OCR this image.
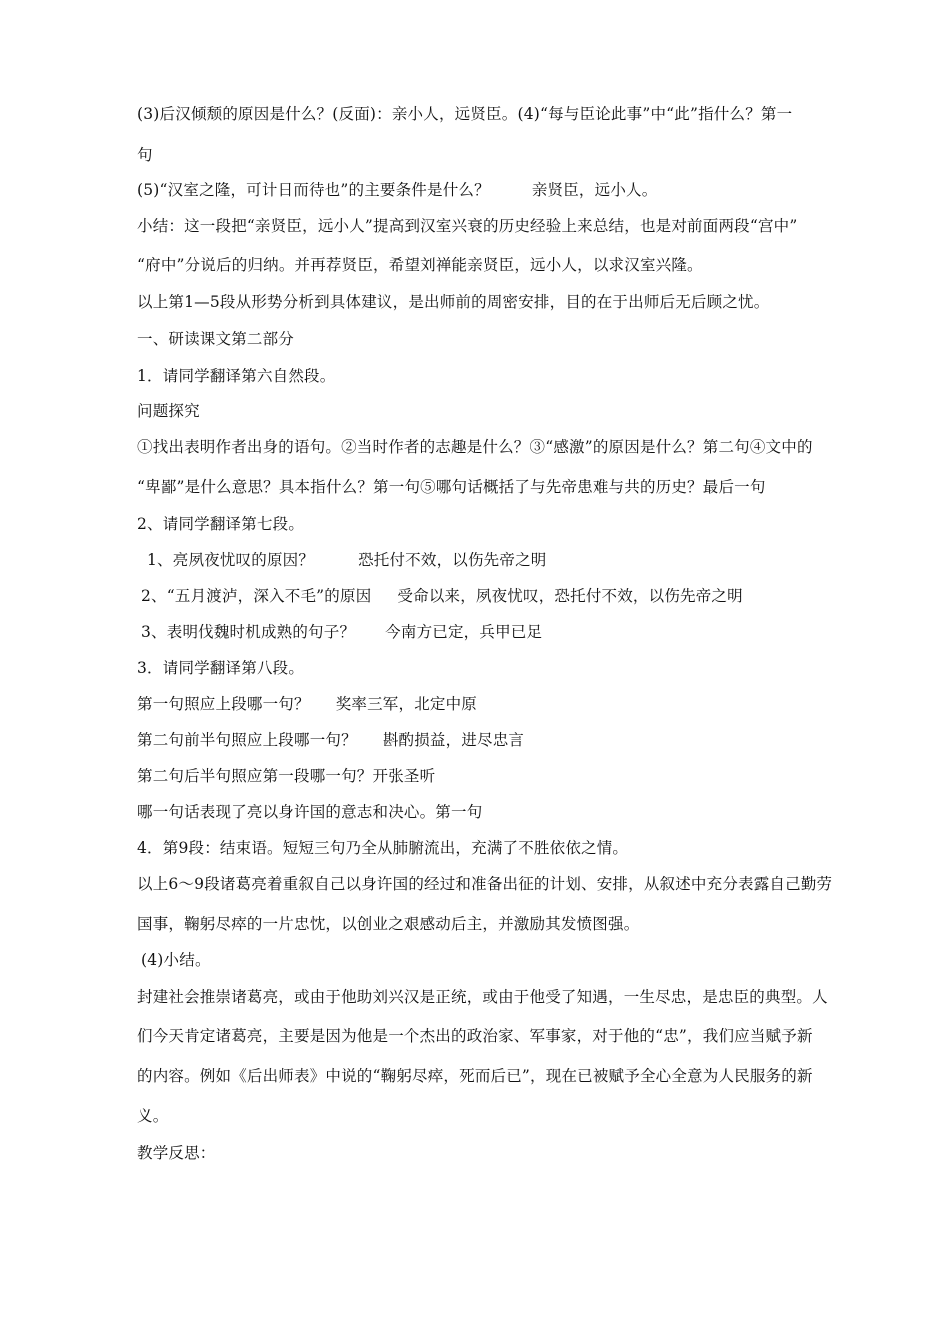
(3)后汉倾颓的原因是什么？(反面)：亲小人，远贤臣。(4)“每与臣论此事”中“此”指什么？第一
句
(5)“汉室之隆，可计日而待也”的主要条件是什么？	亲贤臣，远小人。
小结：这一段把“亲贤臣，远小人”提高到汉室兴衰的历史经验上来总结，也是对前面两段“宫中”
“府中”分说后的归纳。并再荐贤臣，希望刘禅能亲贤臣，远小人，以求汉室兴隆。
以上第1—5段从形势分析到具体建议，是出师前的周密安排，目的在于出师后无后顾之忧。
一、研读课文第二部分
1．请同学翻译第六自然段。
问题探究
①找出表明作者出身的语句。②当时作者的志趣是什么？③“感激”的原因是什么？第二句④文中的
“卑鄙”是什么意思？具本指什么？第一句⑤哪句话概括了与先帝患难与共的历史？最后一句
2、请同学翻译第七段。
1、亮夙夜忧叹的原因？	恐托付不效，以伤先帝之明
2、“五月渡泸，深入不毛”的原因 受命以来，夙夜忧叹，恐托付不效，以伤先帝之明
3、表明伐魏时机成熟的句子？ 今南方已定，兵甲已足
3．请同学翻译第八段。
第一句照应上段哪一句？ 奖率三军，北定中原
第二句前半句照应上段哪一句？ 斟酌损益，进尽忠言
第二句后半句照应第一段哪一句？开张圣听
哪一句话表现了亮以身许国的意志和决心。第一句
4．第9段：结束语。短短三句乃全从肺腑流出，充满了不胜依依之情。
以上6～9段诸葛亮着重叙自己以身许国的经过和准备出征的计划、安排，从叙述中充分表露自己勤劳
国事，鞠躬尽瘁的一片忠忱，以创业之艰感动后主，并激励其发愤图强。
(4)小结。
封建社会推崇诸葛亮，或由于他助刘兴汉是正统，或由于他受了知遇，一生尽忠，是忠臣的典型。人
们今天肯定诸葛亮，主要是因为他是一个杰出的政治家、军事家，对于他的“忠”，我们应当赋予新
的内容。例如《后出师表》中说的“鞠躬尽瘁，死而后已”，现在已被赋予全心全意为人民服务的新
义。
教学反思：
